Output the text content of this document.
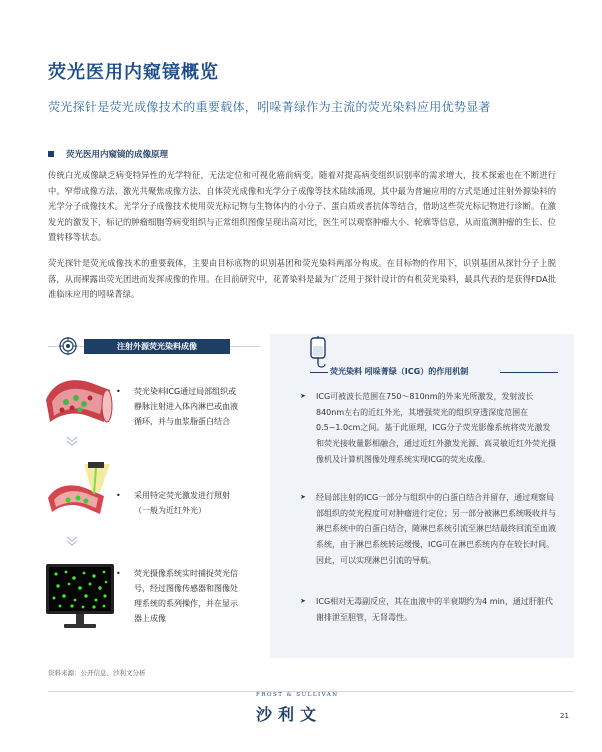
荧光医用内窥镜概览
荧光探针是荧光成像技术的重要载体，吲哚菁绿作为主流的荧光染料应用优势显著
荧光医用内窥镜的成像原理

传统白光成像缺乏病变特异性的光学特征，无法定位和可视化癌前病变。随着对提高病变组织识别率的需求增大，技术探索也在不断进行中。窄带成像方法、激光共聚焦成像方法、自体荧光成像和光学分子成像等技术陆续涌现，其中最为普遍应用的方式是通过注射外源染料的光学分子成像技术。光学分子成像技术使用荧光标记物与生物体内的小分子、蛋白质或者抗体等结合，借助这些荧光标记物进行诊断。在激发光的激发下，标记的肿瘤细胞等病变组织与正常组织图像呈现出高对比，医生可以观察肿瘤大小、轮廓等信息，从而监测肿瘤的生长、位置转移等状态。

荧光探针是荧光成像技术的重要载体，主要由目标底物的识别基团和荧光染料两部分构成。在目标物的作用下，识别基团从探针分子上脱落，从而裸露出荧光团进而发挥成像的作用。在目前研究中，花菁染料是最为广泛用于探针设计的有机荧光染料，最具代表的是获得FDA批准临床应用的吲哚菁绿。

注射外源荧光染料成像
• 荧光染料ICG通过局部组织或静脉注射进入体内淋巴或血液循环，并与血浆脂蛋白结合
• 采用特定荧光激发进行照射（一般为近红外光）
• 荧光摄像系统实时捕捉荧光信号，经过图像传感器和图像处理系统的系列操作，并在显示器上成像
荧光染料 吲哚菁绿（ICG）的作用机制
➤ ICG可被波长范围在750～810nm的外来光所激发，发射波长840nm左右的近红外光，其增强荧光的组织穿透深度范围在0.5~1.0cm之间。基于此原理，ICG分子荧光影像系统将荧光激发和荧光接收量影相融合，通过近红外激发光源、高灵敏近红外荧光摄像机及计算机图像处理系统实现ICG的荧光成像。
➤ 经局部注射的ICG一部分与组织中的白蛋白结合并留存，通过观察局部组织的荧光程度可对肿瘤进行定位；另一部分被淋巴系统吸收并与淋巴系统中的白蛋白结合，随淋巴系统引流至淋巴结最终回流至血液系统，由于淋巴系统转运缓慢，ICG可在淋巴系统内存在较长时间。因此，可以实现淋巴引流的导航。
➤ ICG相对无毒副反应，其在血液中的半衰期约为4 min，通过肝脏代谢排泄至胆管，无肾毒性。
资料来源：公开信息、沙利文分析
FROST & SULLIVAN
沙利文	21
